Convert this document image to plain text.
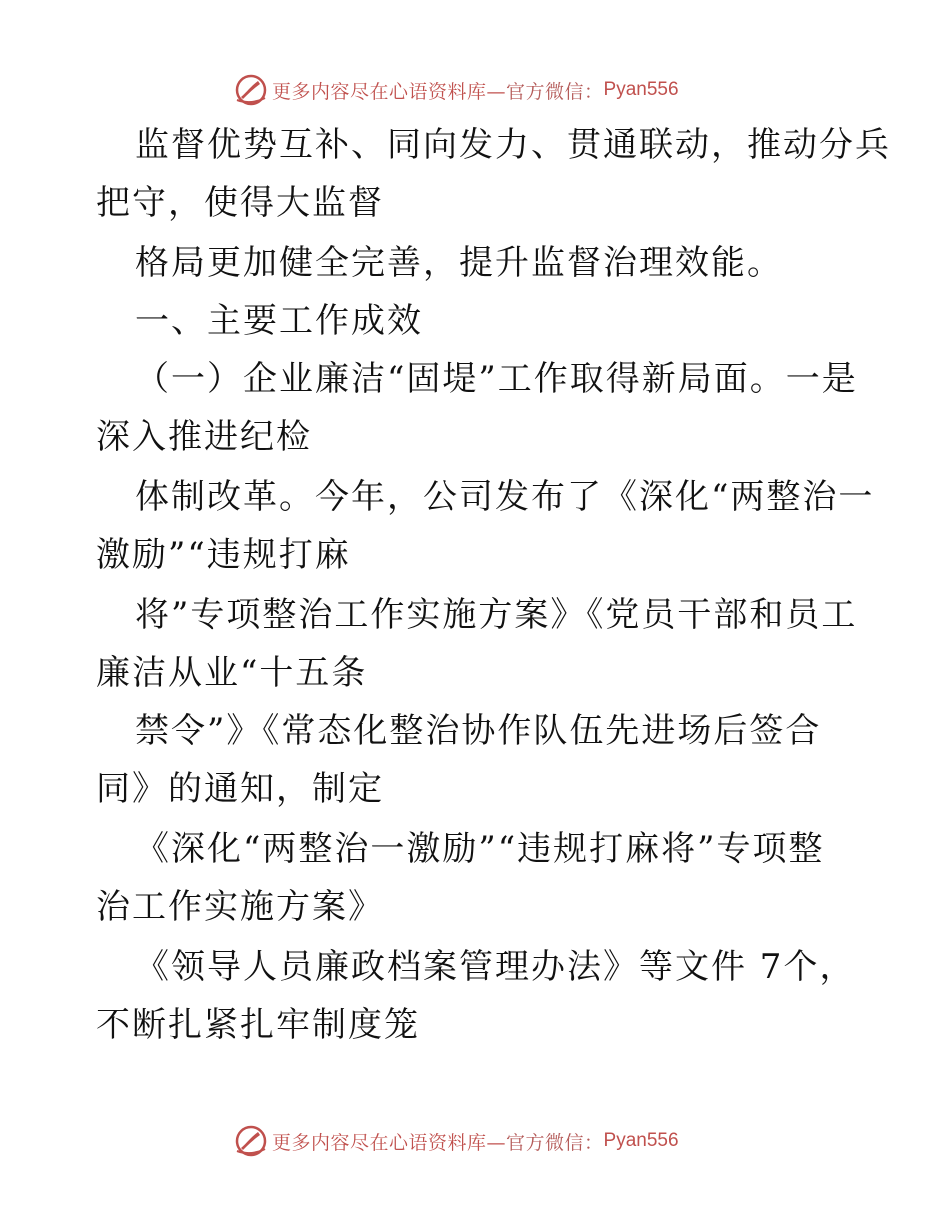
更多内容尽在心语资料库— 官方微信： Pyan556
监督优势互补、同向发力、贯通联动，推动分兵
把守，使得大监督
格局更加健全完善，提升监督治理效能。
一、主要工作成效
（一）企业廉洁“固堤”工作取得新局面。一是
深入推进纪检
体制改革。今年，公司发布了《深化“两整治一
激励”“违规打麻
将”专项整治工作实施方案》《党员干部和员工
廉洁从业“十五条
禁令”》《常态化整治协作队伍先进场后签合
同》的通知，制定
《深化“两整治一激励”“违规打麻将”专项整
治工作实施方案》
《领导人员廉政档案管理办法》等文件 7个，
不断扎紧扎牢制度笼
更多内容尽在心语资料库— 官方微信： Pyan556
